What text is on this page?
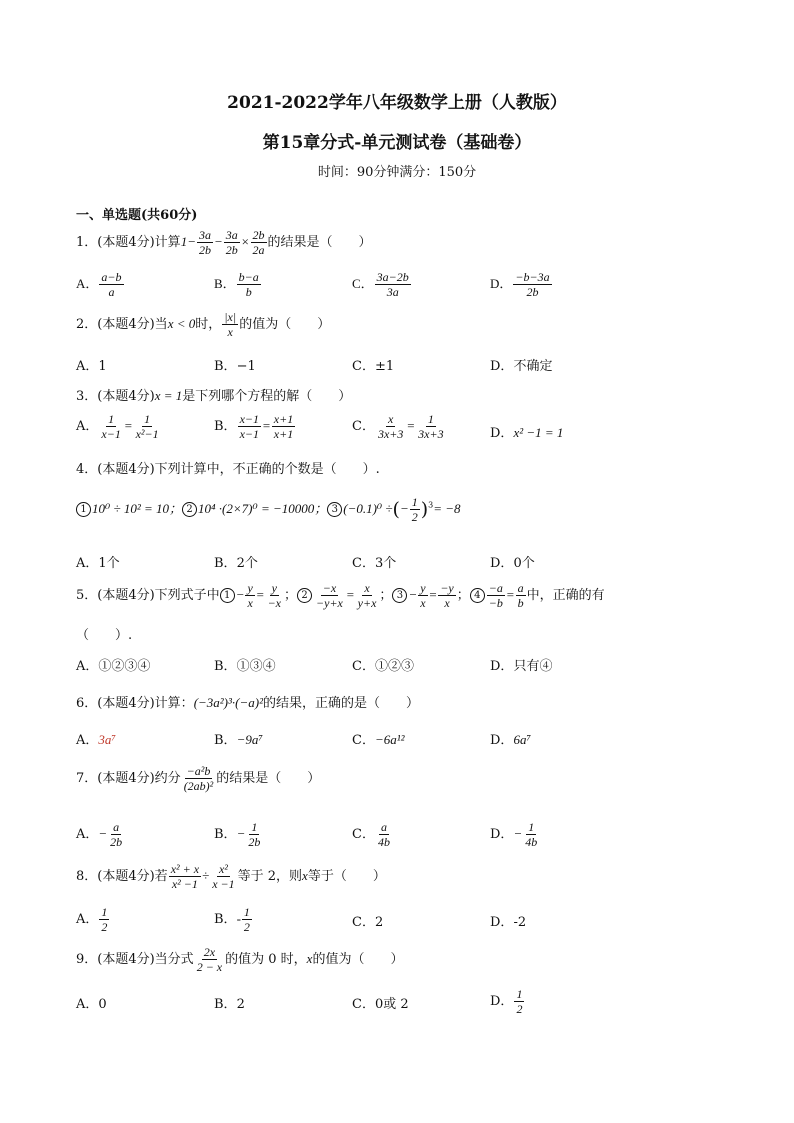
2021-2022学年八年级数学上册（人教版）
第15章分式-单元测试卷（基础卷）
时间：90分钟满分：150分
一、单选题(共60分)
1．(本题4分)计算$1- \frac{3a}{2b} - \frac{3a}{2b} \times \frac{2b}{2a}$ 的结果是（　　）
A． $\frac{a-b}{a}$	B． $\frac{b-a}{b}$	C． $\frac{3a-2b}{3a}$	D． $\frac{-b-3a}{2b}$
2．(本题4分)当x < 0时， $\frac{|x|}{x}$ 的值为（　　）
A．1	B．−1	C．±1	D．不确定
3．(本题4分)x = 1是下列哪个方程的解（　　）
A． $\frac{1}{x-1} = \frac{1}{\text{x²−1}}$	B． $\frac{x-1}{x-1} = \frac{x+1}{x+1}$	C． $\frac{x}{3x+3} = \frac{1}{3x+3}$	D．x² −1 = 1
4．(本题4分)下列计算中，不正确的个数是（　　）.
1 10⁰ ÷ 10² = 10； 2 10⁴ ·(2×7)⁰ = −10000； 3 (−0.1)⁰ ÷(− $\frac{1}{2} )^3= -8$
A．1个	B．2个	C．3个	D．0个
5．(本题4分)下列式子中 $1 - \frac{y}{x} = \frac{y}{-x}$ ； $2 \frac{-x}{-y+x} = \frac{x}{y+x}$ ； $3 - \frac{y}{x} = \frac{-y}{x}$ ； $4 \frac{-a}{-b} = \frac{a}{b}$ 中，正确的有
（　　）.
A．①②③④	B．①③④	C．①②③	D．只有④
6．(本题4分)计算：(−3a²)³·(−a)²的结果，正确的是（　　）
A．3a⁷	B．−9a⁷	C．−6a¹²	D．6a⁷
7．(本题4分)约分 $\frac{\text{−a²b}}{\text{(2ab)²}}$ 的结果是（　　）
A．− $\frac{a}{2b}$	B．− $\frac{1}{2b}$	C． $\frac{a}{4b}$	D．− $\frac{1}{4b}$
8．(本题4分)若 $\frac{\text{x² + x}}{\text{x² −1}} \div \frac{\text{x²}}{x -1}$ 等于 2，则x等于（　　）
A． $\frac{1}{2}$	B．- $\frac{1}{2}$	C．2	D．-2
9．(本题4分)当分式 $\frac{2x}{2 - x}$ 的值为 0 时，x的值为（　　）
A．0	B．2	C．0或 2	D． $\frac{1}{2}$
